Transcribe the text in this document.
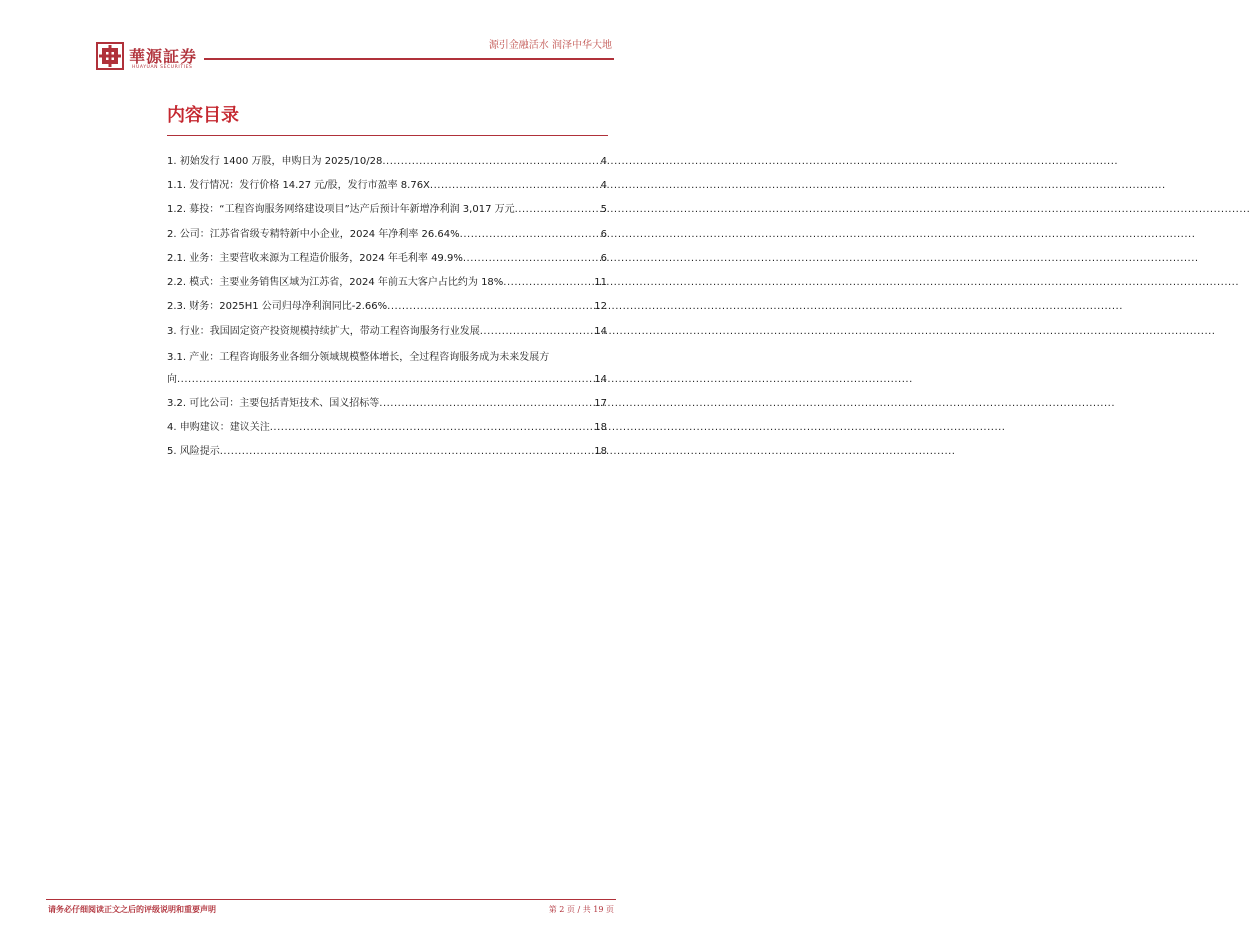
華源証券
HUAYUAN SECURITIES
源引金融活水 润泽中华大地
内容目录
1. 初始发行 1400 万股，申购日为 2025/10/28 .....	4
1.1. 发行情况：发行价格 14.27 元/股，发行市盈率 8.76X .....	4
1.2. 募投：“工程咨询服务网络建设项目”达产后预计年新增净利润 3,017 万元 .....	5
2. 公司：江苏省省级专精特新中小企业，2024 年净利率 26.64% .....	6
2.1. 业务：主要营收来源为工程造价服务，2024 年毛利率 49.9% .....	6
2.2. 模式：主要业务销售区域为江苏省，2024 年前五大客户占比约为 18% .....	11
2.3. 财务：2025H1 公司归母净利润同比-2.66% .....	12
3. 行业：我国固定资产投资规模持续扩大，带动工程咨询服务行业发展 .....	14
3.1. 产业：工程咨询服务业各细分领域规模整体增长，全过程咨询服务成为未来发展方
向 .....	14
3.2. 可比公司：主要包括青矩技术、国义招标等 .....	17
4. 申购建议：建议关注 .....	18
5. 风险提示 .....	18
请务必仔细阅读正文之后的评级说明和重要声明	第 2 页 / 共 19 页
